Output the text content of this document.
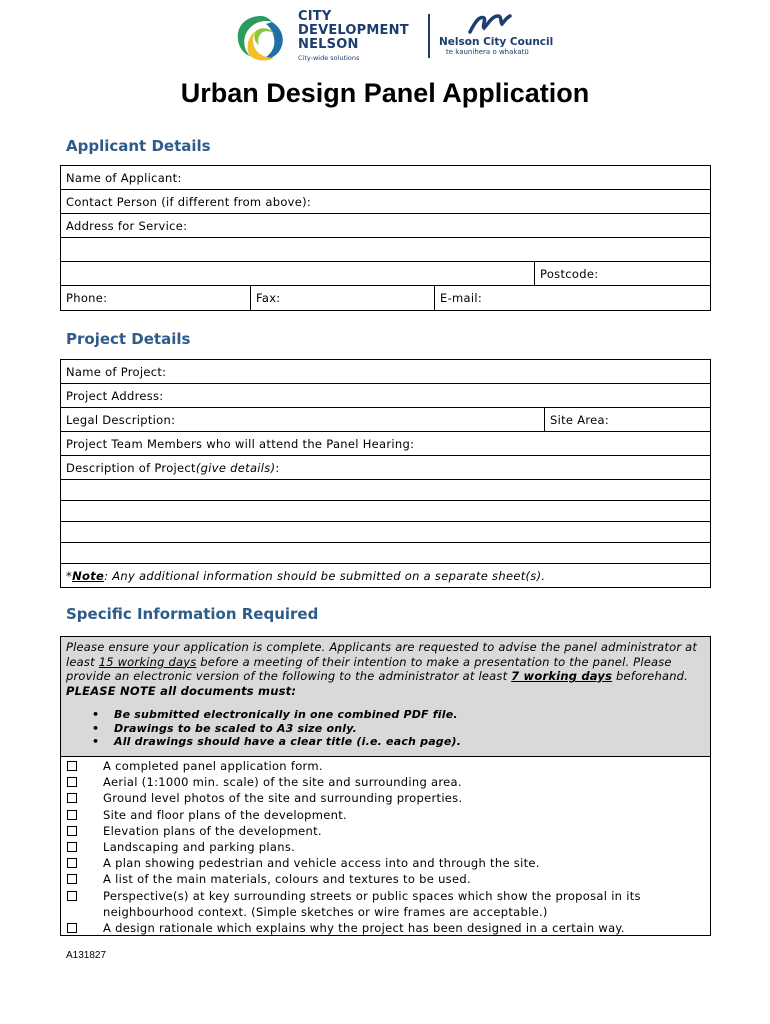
CITY
DEVELOPMENT
NELSON
City-wide solutions
Nelson City Council
te kaunihera o whakatū
Urban Design Panel Application
Applicant Details
Name of Applicant:
Contact Person (if different from above):
Address for Service:
Postcode:
Phone:	Fax:	E-mail:
Project Details
Name of Project:
Project Address:
Legal Description:	Site Area:
Project Team Members who will attend the Panel Hearing:
Description of Project (give details) :
* Note : Any additional information should be submitted on a separate sheet(s).
Specific Information Required
Please ensure your application is complete. Applicants are requested to advise the panel administrator at least 15 working days before a meeting of their intention to make a presentation to the panel. Please provide an electronic version of the following to the administrator at least 7 working days beforehand. PLEASE NOTE all documents must:
• Be submitted electronically in one combined PDF file.
• Drawings to be scaled to A3 size only.
• All drawings should have a clear title (i.e. each page).
A completed panel application form.
Aerial (1:1000 min. scale) of the site and surrounding area.
Ground level photos of the site and surrounding properties.
Site and floor plans of the development.
Elevation plans of the development.
Landscaping and parking plans.
A plan showing pedestrian and vehicle access into and through the site.
A list of the main materials, colours and textures to be used.
Perspective(s) at key surrounding streets or public spaces which show the proposal in its neighbourhood context. (Simple sketches or wire frames are acceptable.)
A design rationale which explains why the project has been designed in a certain way.
A131827
